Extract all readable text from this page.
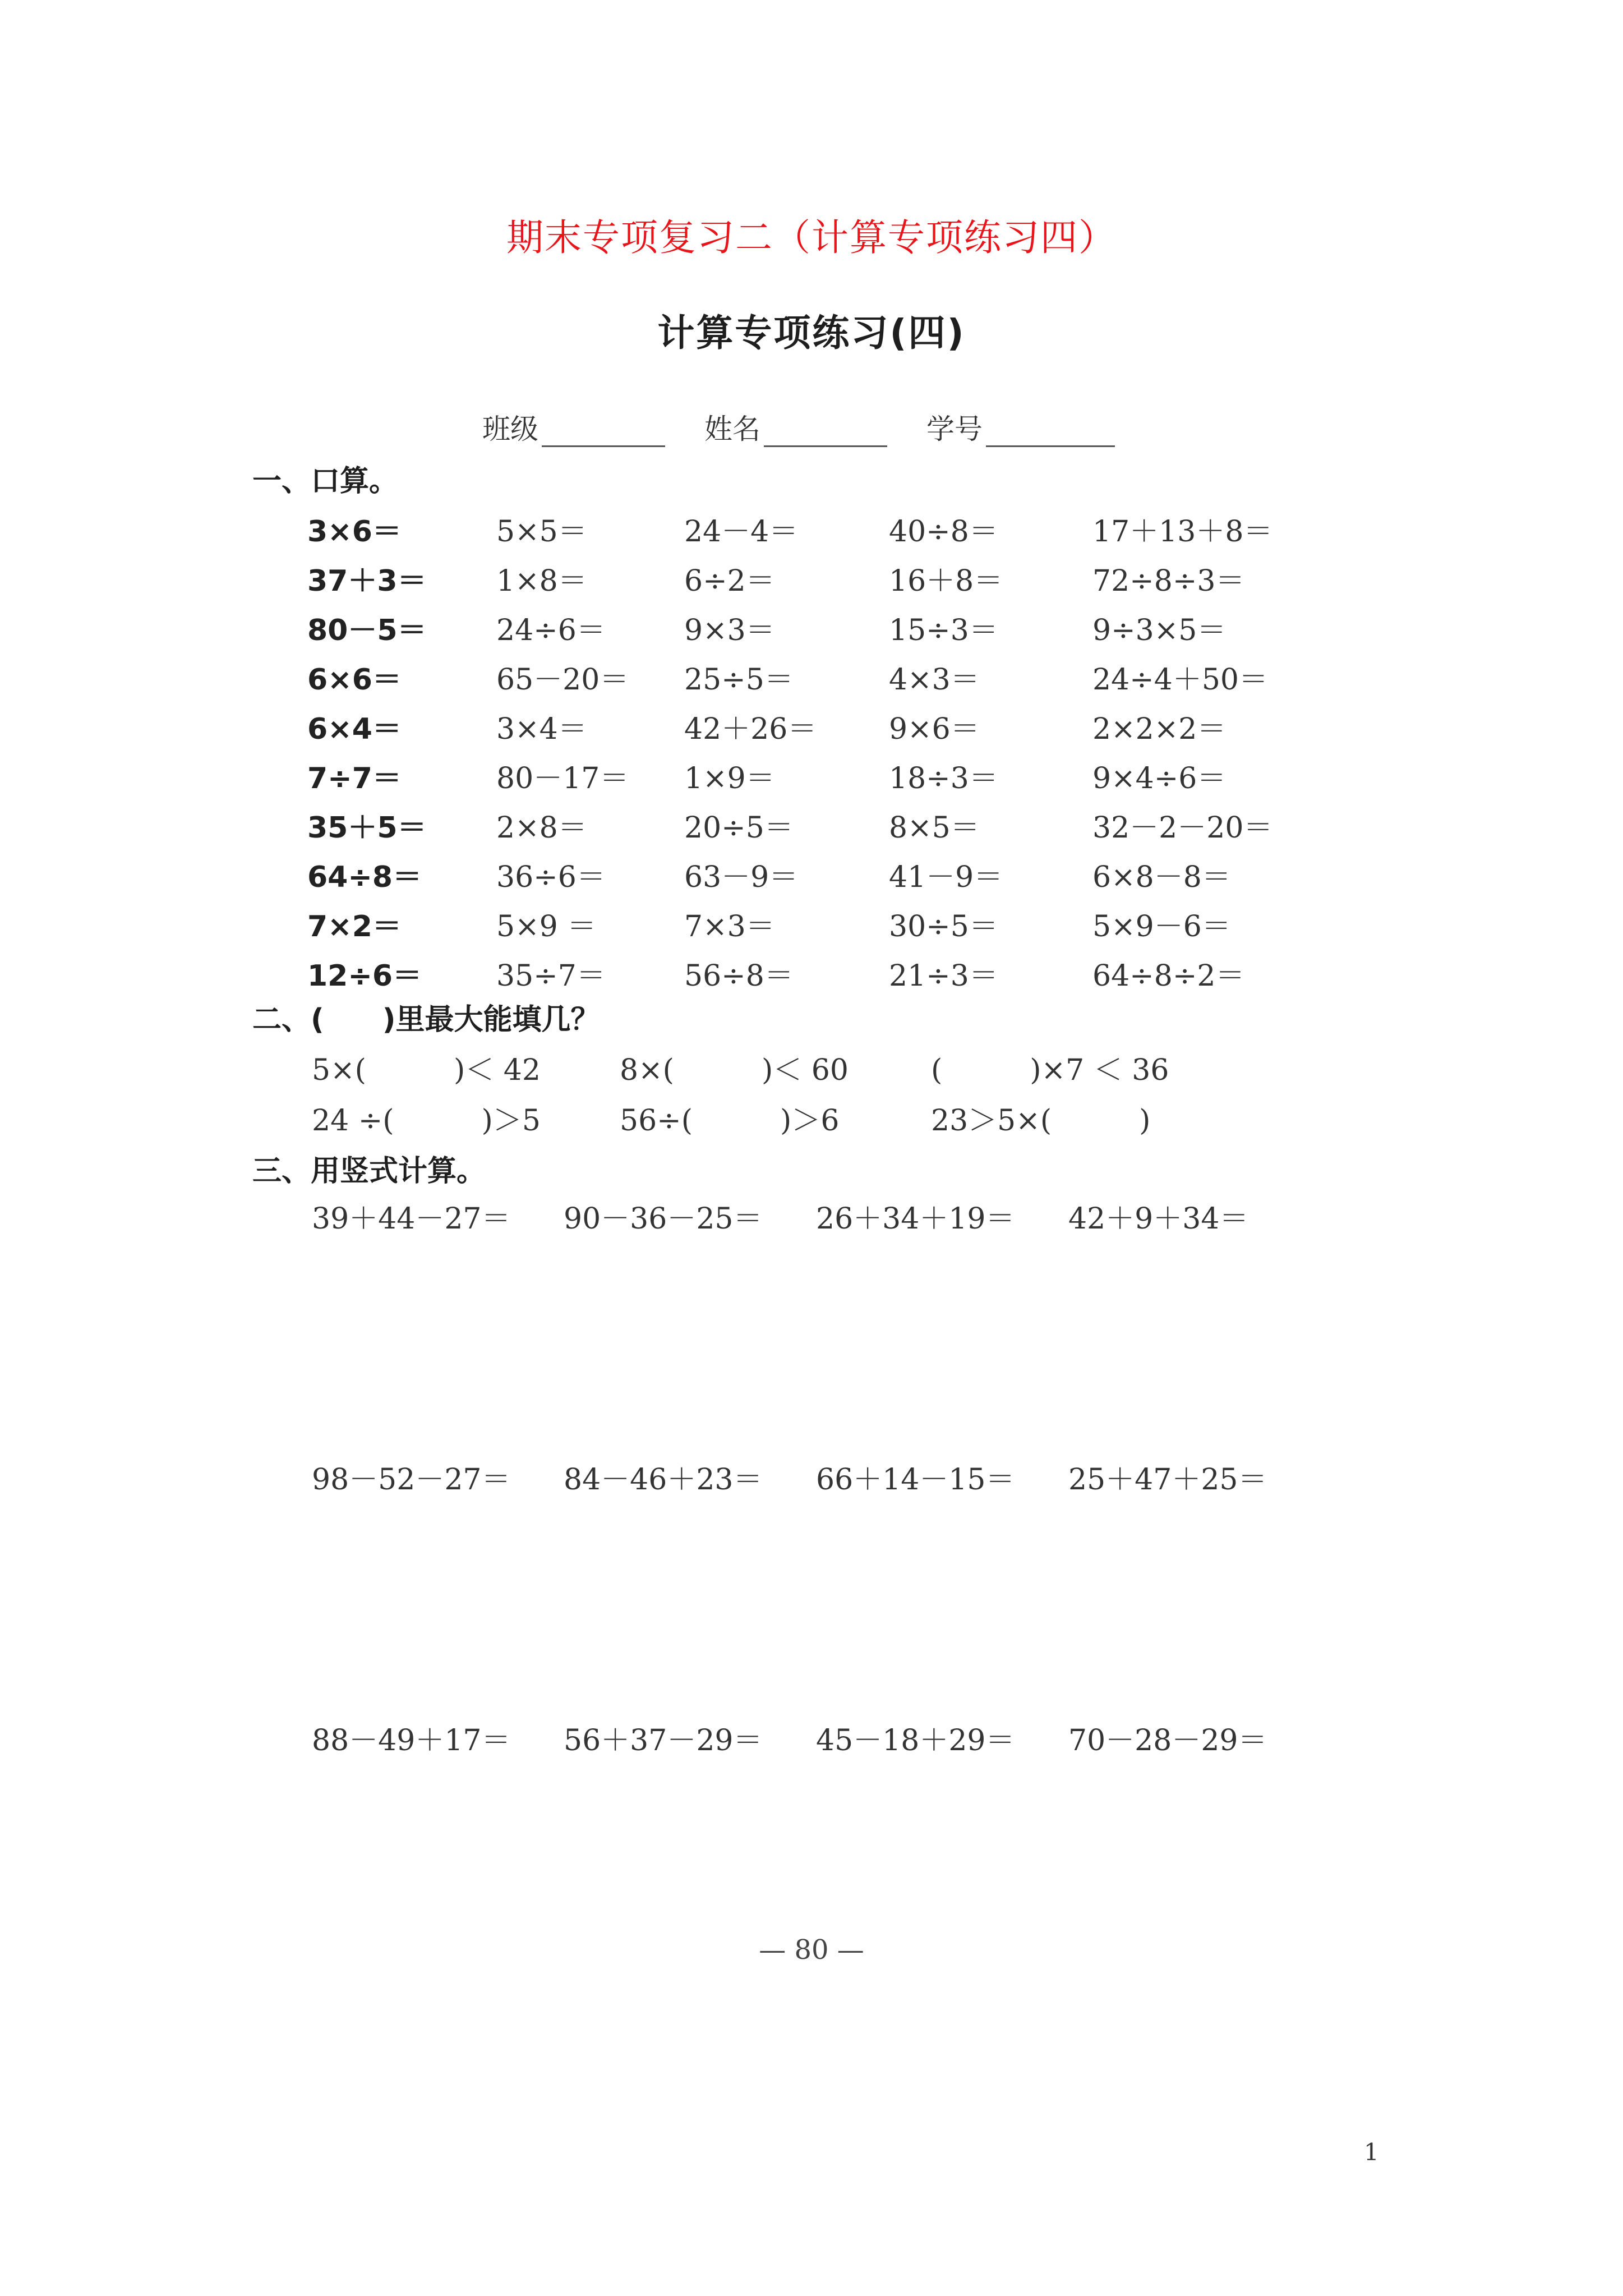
期末专项复习二（计算专项练习四）
计算专项练习(四)
班级	姓名	学号
一、口算。
3×6＝	5×5＝	24－4＝	40÷8＝	17＋13＋8＝
37＋3＝ 1×8＝	6÷2＝	16＋8＝	72÷8÷3＝
80－5＝ 24÷6＝	9×3＝	15÷3＝	9÷3×5＝
6×6＝	65－20＝ 25÷5＝	4×3＝	24÷4＋50＝
6×4＝	3×4＝	42＋26＝ 9×6＝	2×2×2＝
7÷7＝	80－17＝ 1×9＝	18÷3＝	9×4÷6＝
35＋5＝ 2×8＝	20÷5＝	8×5＝	32－2－20＝
64÷8＝	36÷6＝	63－9＝	41－9＝	6×8－8＝
7×2＝	5×9 ＝	7×3＝	30÷5＝	5×9－6＝
12÷6＝	35÷7＝	56÷8＝	21÷3＝	64÷8÷2＝
二、(　　)里最大能填几？
5×(　　　)＜ 42	8×(　　　)＜ 60	(　　　)×7 ＜ 36
24 ÷(　　　)＞5	56÷(　　　)＞6	23＞5×(　　　)
三、用竖式计算。
39＋44－27＝ 90－36－25＝ 26＋34＋19＝ 42＋9＋34＝
98－52－27＝ 84－46＋23＝ 66＋14－15＝ 25＋47＋25＝
88－49＋17＝ 56＋37－29＝ 45－18＋29＝ 70－28－29＝
— 80 —
1
